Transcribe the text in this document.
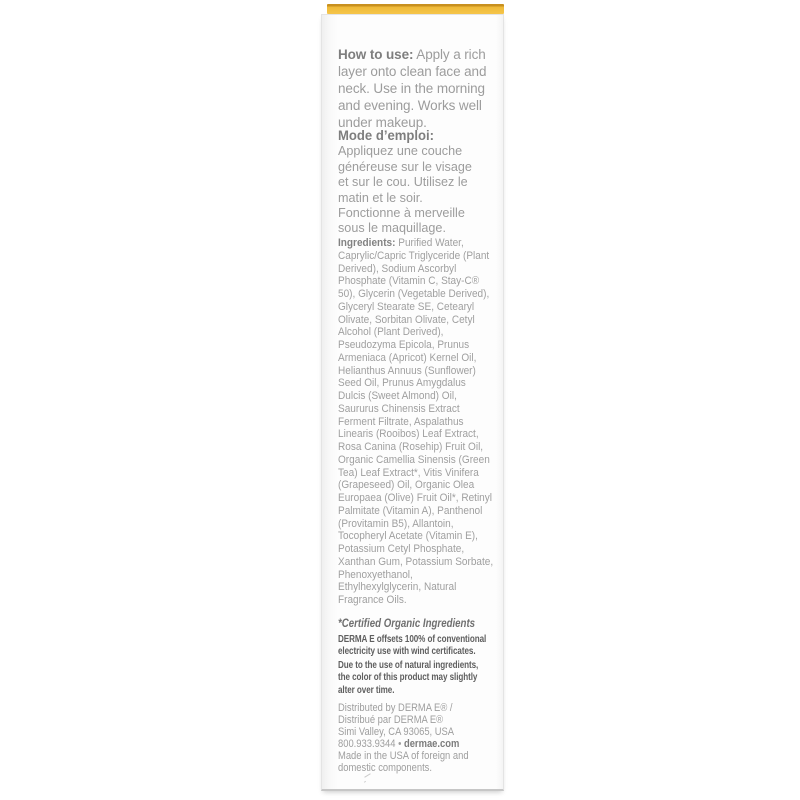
How to use: Apply a rich
layer onto clean face and
neck. Use in the morning
and evening. Works well
under makeup.
Mode d’emploi:
Appliquez une couche
généreuse sur le visage
et sur le cou. Utilisez le
matin et le soir.
Fonctionne à merveille
sous le maquillage.
Ingredients: Purified Water,
Caprylic/Capric Triglyceride (Plant
Derived), Sodium Ascorbyl
Phosphate (Vitamin C, Stay-C®
50), Glycerin (Vegetable Derived),
Glyceryl Stearate SE, Cetearyl
Olivate, Sorbitan Olivate, Cetyl
Alcohol (Plant Derived),
Pseudozyma Epicola, Prunus
Armeniaca (Apricot) Kernel Oil,
Helianthus Annuus (Sunflower)
Seed Oil, Prunus Amygdalus
Dulcis (Sweet Almond) Oil,
Saururus Chinensis Extract
Ferment Filtrate, Aspalathus
Linearis (Rooibos) Leaf Extract,
Rosa Canina (Rosehip) Fruit Oil,
Organic Camellia Sinensis (Green
Tea) Leaf Extract*, Vitis Vinifera
(Grapeseed) Oil, Organic Olea
Europaea (Olive) Fruit Oil*, Retinyl
Palmitate (Vitamin A), Panthenol
(Provitamin B5), Allantoin,
Tocopheryl Acetate (Vitamin E),
Potassium Cetyl Phosphate,
Xanthan Gum, Potassium Sorbate,
Phenoxyethanol,
Ethylhexylglycerin, Natural
Fragrance Oils.
*Certified Organic Ingredients
DERMA E offsets 100% of conventional
electricity use with wind certificates.
Due to the use of natural ingredients,
the color of this product may slightly
alter over time.
Distributed by DERMA E® /
Distribué par DERMA E®
Simi Valley, CA 93065, USA
800.933.9344 • dermae.com
Made in the USA of foreign and
domestic components.
